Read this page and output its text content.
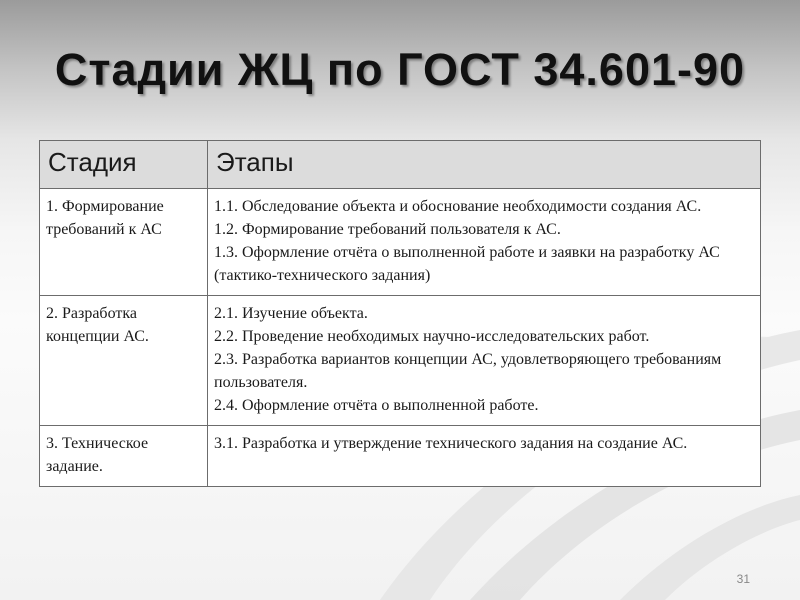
Стадии ЖЦ по ГОСТ 34.601-90
Стадия	Этапы
1. Формирование требований к АС	1.1. Обследование объекта и обоснование необходимости создания АС.
1.2. Формирование требований пользователя к АС.
1.3. Оформление отчёта о выполненной работе и заявки на разработку АС (тактико-технического задания)

2. Разработка концепции АС.	2.1. Изучение объекта.
2.2. Проведение необходимых научно-исследовательских работ.
2.3. Разработка вариантов концепции АС, удовлетворяющего требованиям пользователя.
2.4. Оформление отчёта о выполненной работе.

3. Техническое задание.	3.1. Разработка и утверждение технического задания на создание АС.
31
